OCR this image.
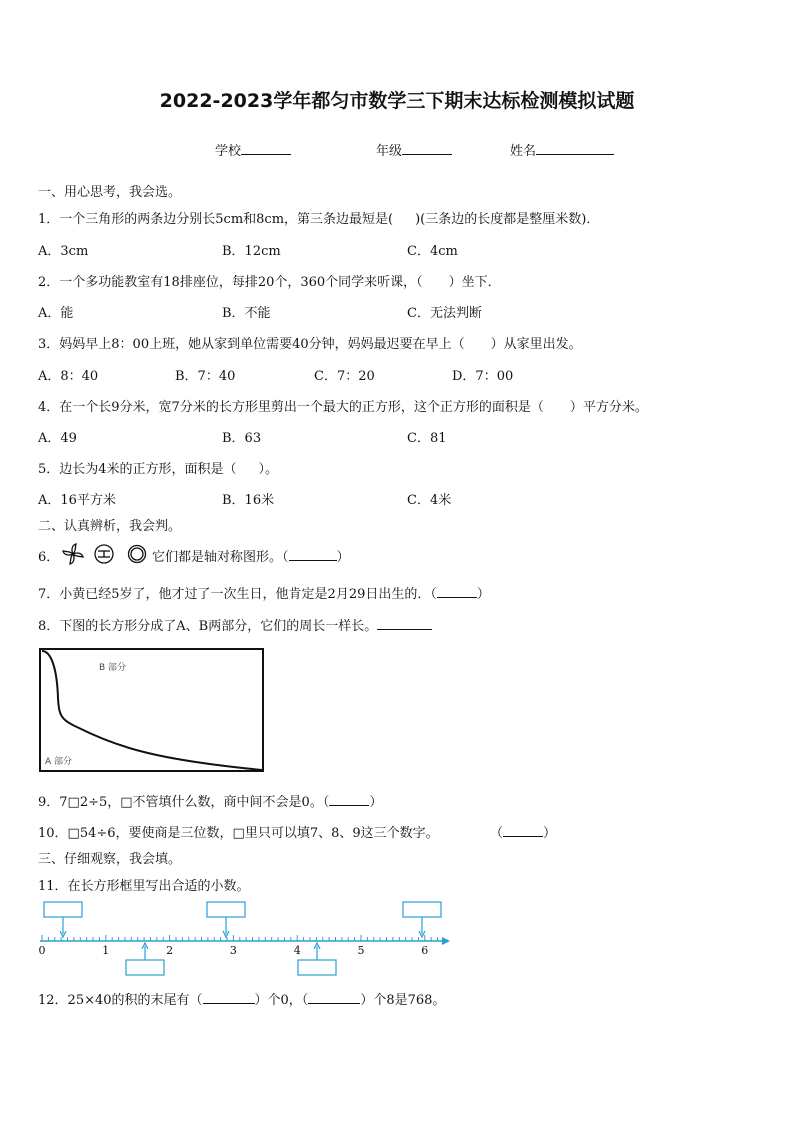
2022-2023学年都匀市数学三下期末达标检测模拟试题
学校	年级	姓名
一、用心思考，我会选。
1．一个三角形的两条边分别长5cm和8cm，第三条边最短是( )(三条边的长度都是整厘米数)．
A．3cm	B．12cm	C．4cm
2．一个多功能教室有18排座位，每排20个，360个同学来听课，（ ）坐下．
A．能	B．不能	C．无法判断
3．妈妈早上8：00上班，她从家到单位需要40分钟，妈妈最迟要在早上（ ）从家里出发。
A．8：40	B．7：40	C．7：20	D．7：00
4．在一个长9分米，宽7分米的长方形里剪出一个最大的正方形，这个正方形的面积是（ ）平方分米。
A．49	B．63	C．81
5．边长为4米的正方形，面积是（ ）。
A．16平方米	B．16米	C．4米
二、认真辨析，我会判。
6．	它们都是轴对称图形。（	）
7．小黄已经5岁了，他才过了一次生日，他肯定是2月29日出生的．（	）
8．下图的长方形分成了A、B两部分，它们的周长一样长。
B 部分
A 部分
9．7□2÷5，□不管填什么数，商中间不会是0。（	）
10．□54÷6，要使商是三位数，□里只可以填7、8、9这三个数字。	（	）
三、仔细观察，我会填。
11．在长方形框里写出合适的小数。
0	1	2	3	4	5	6
12．25×40的积的末尾有（	）个0，（	）个8是768。
